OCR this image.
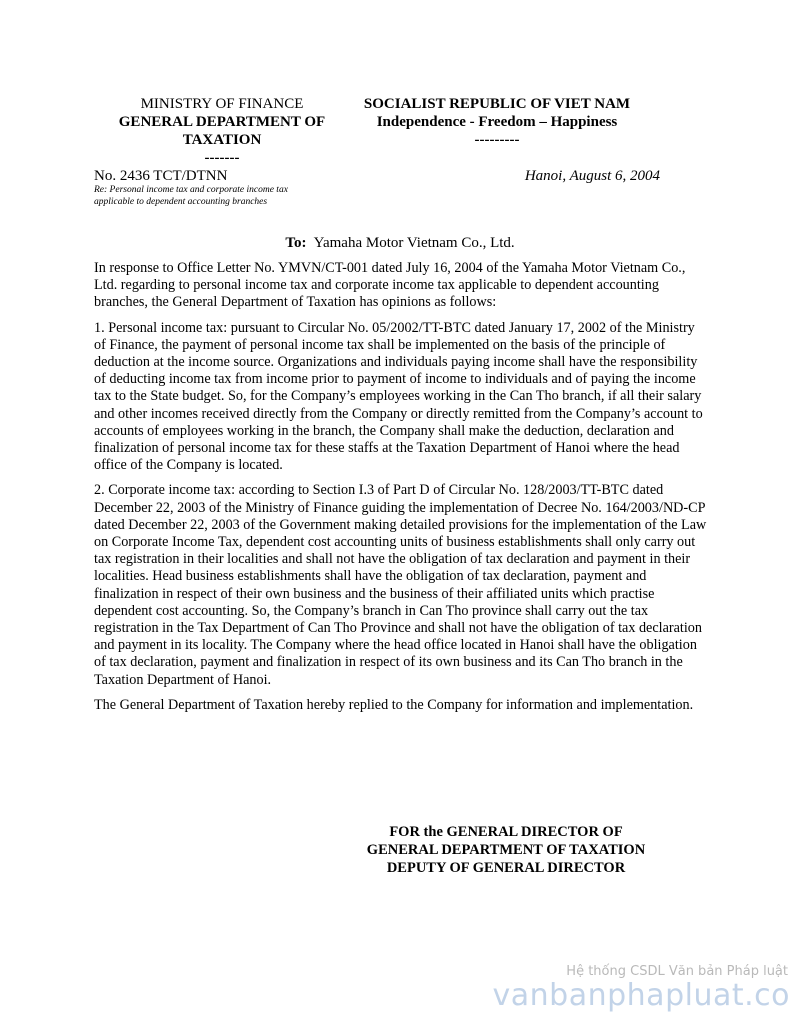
MINISTRY OF FINANCE
GENERAL DEPARTMENT OF
TAXATION
-------
SOCIALIST REPUBLIC OF VIET NAM
Independence - Freedom – Happiness
---------
No. 2436 TCT/DTNN
Re: Personal income tax and corporate income tax
applicable to dependent accounting branches
Hanoi, August 6, 2004
To: Yamaha Motor Vietnam Co., Ltd.

In response to Office Letter No. YMVN/CT-001 dated July 16, 2004 of the Yamaha Motor Vietnam Co., Ltd. regarding to personal income tax and corporate income tax applicable to dependent accounting branches, the General Department of Taxation has opinions as follows:

1. Personal income tax: pursuant to Circular No. 05/2002/TT-BTC dated January 17, 2002 of the Ministry of Finance, the payment of personal income tax shall be implemented on the basis of the principle of deduction at the income source. Organizations and individuals paying income shall have the responsibility of deducting income tax from income prior to payment of income to individuals and of paying the income tax to the State budget. So, for the Company’s employees working in the Can Tho branch, if all their salary and other incomes received directly from the Company or directly remitted from the Company’s account to accounts of employees working in the branch, the Company shall make the deduction, declaration and finalization of personal income tax for these staffs at the Taxation Department of Hanoi where the head office of the Company is located.

2. Corporate income tax: according to Section I.3 of Part D of Circular No. 128/2003/TT-BTC dated December 22, 2003 of the Ministry of Finance guiding the implementation of Decree No. 164/2003/ND-CP dated December 22, 2003 of the Government making detailed provisions for the implementation of the Law on Corporate Income Tax, dependent cost accounting units of business establishments shall only carry out tax registration in their localities and shall not have the obligation of tax declaration and payment in their localities. Head business establishments shall have the obligation of tax declaration, payment and finalization in respect of their own business and the business of their affiliated units which practise dependent cost accounting. So, the Company’s branch in Can Tho province shall carry out the tax registration in the Tax Department of Can Tho Province and shall not have the obligation of tax declaration and payment in its locality. The Company where the head office located in Hanoi shall have the obligation of tax declaration, payment and finalization in respect of its own business and its Can Tho branch in the Taxation Department of Hanoi.

The General Department of Taxation hereby replied to the Company for information and implementation.

FOR the GENERAL DIRECTOR OF
GENERAL DEPARTMENT OF TAXATION
DEPUTY OF GENERAL DIRECTOR
Hệ thống CSDL Văn bản Pháp luật
vanbanphapluat.co
